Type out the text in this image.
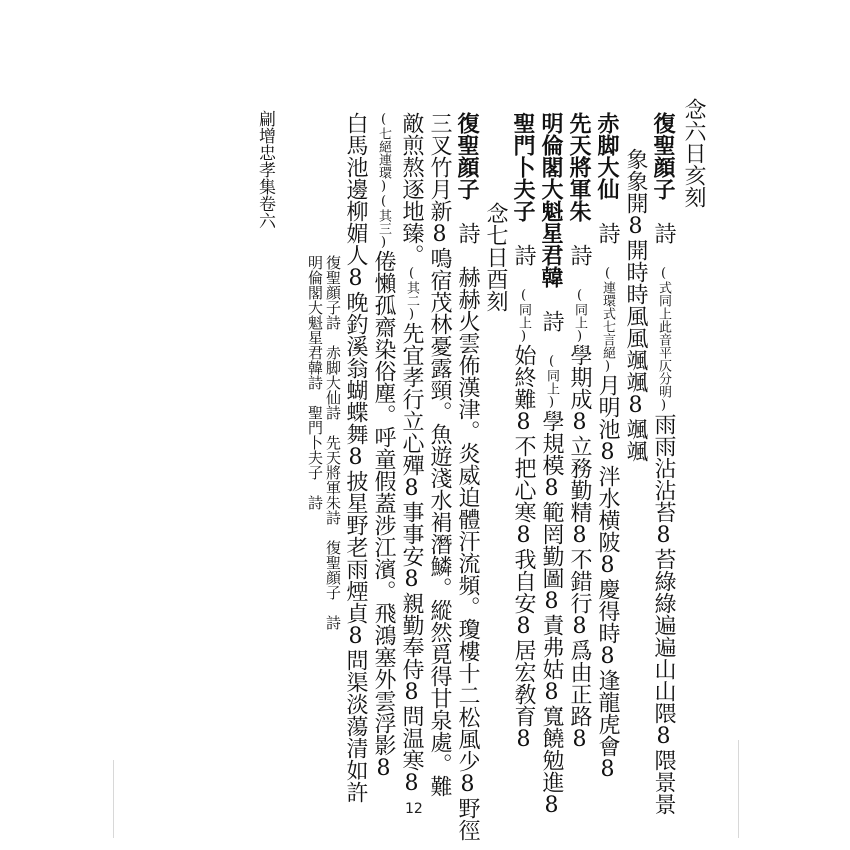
念六日亥刻
復聖顔子　詩　(式同上此音平仄分明)雨雨沾沾苔8苔綠綠遍遍山山隈8隈景景
象象開8開時時風風颯颯8颯颯
赤脚大仙　詩　(連環式七言絕)月明池8泮水横陂8慶得時8逢龍虎會8
先天將軍朱　詩　(同上)學期成8立務勤精8不錯行8爲由正路8
明倫閣大魁星君韓　詩　(同上)學規模8範罔勤圖8責弗姑8寬饒勉進8
聖門卜夫子　詩　(同上)始終難8不把心寒8我自安8居宏敎育8
　　念七日酉刻
復聖顔子　詩　赫赫火雲佈漢津。炎威迫體汗流頻。瓊樓十二松風少8野徑
三叉竹月新8鳴宿茂林憂露頸。魚遊淺水裐潛鱗。縱然覓得甘泉處。難
敵煎熬逐地臻。(其二)先宜孝行立心殫8事事安8親勤奉侍8問温寒8
(七絕連環)(其三)倦懶孤齋染俗塵。呼童假蓋涉江濱。飛鴻塞外雲浮影8
白馬池邊柳媚人8晚釣溪翁蝴蝶舞8披星野老雨煙貞8問渠淡蕩清如許
復聖顔子詩　赤脚大仙詩　先天將軍朱詩　復聖顔子　詩
明倫閣大魁星君韓詩　聖門卜夫子　詩
㓲增忠孝集卷六
12
